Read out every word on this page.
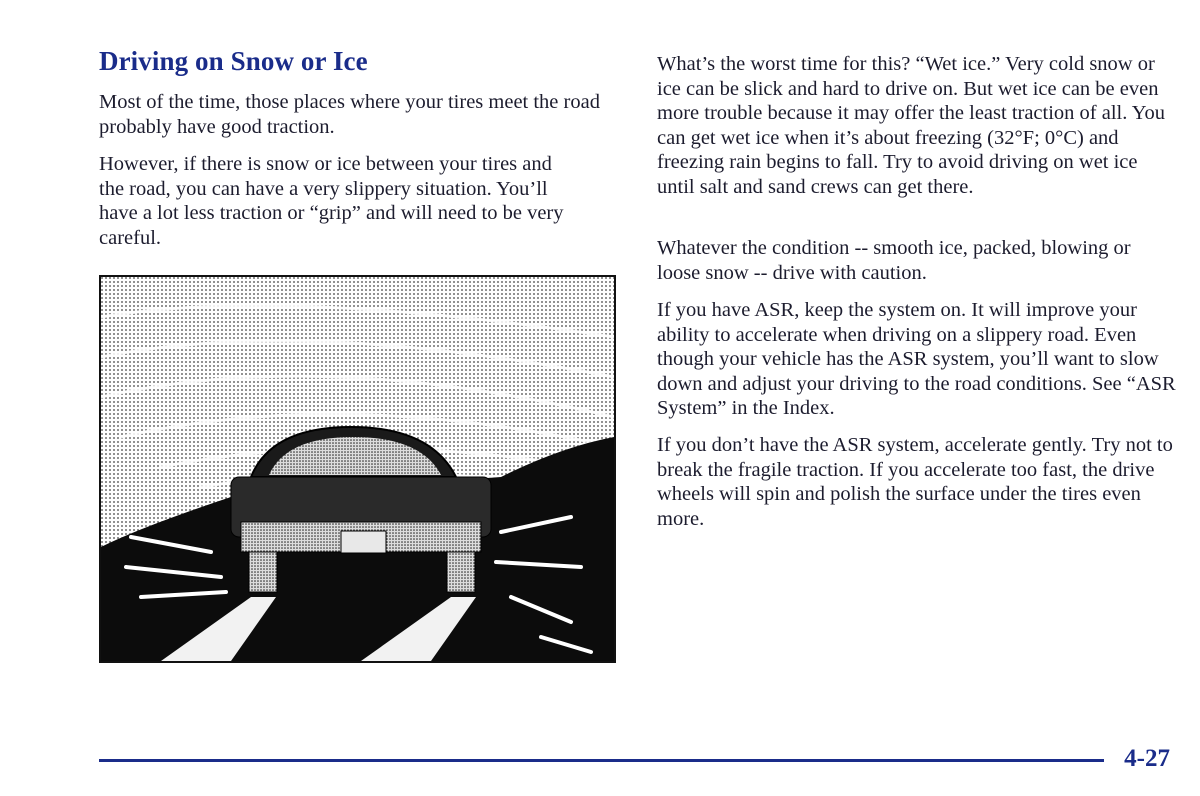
Driving on Snow or Ice

Most of the time, those places where your tires meet the road probably have good traction.

However, if there is snow or ice between your tires and the road, you can have a very slippery situation. You’ll have a lot less traction or “grip” and will need to be very careful.

What’s the worst time for this? “Wet ice.” Very cold snow or ice can be slick and hard to drive on. But wet ice can be even more trouble because it may offer the least traction of all. You can get wet ice when it’s about freezing (32°F; 0°C) and freezing rain begins to fall. Try to avoid driving on wet ice until salt and sand crews can get there.

Whatever the condition -- smooth ice, packed, blowing or loose snow -- drive with caution.

If you have ASR, keep the system on. It will improve your ability to accelerate when driving on a slippery road. Even though your vehicle has the ASR system, you’ll want to slow down and adjust your driving to the road conditions. See “ASR System” in the Index.

If you don’t have the ASR system, accelerate gently. Try not to break the fragile traction. If you accelerate too fast, the drive wheels will spin and polish the surface under the tires even more.

4-27
